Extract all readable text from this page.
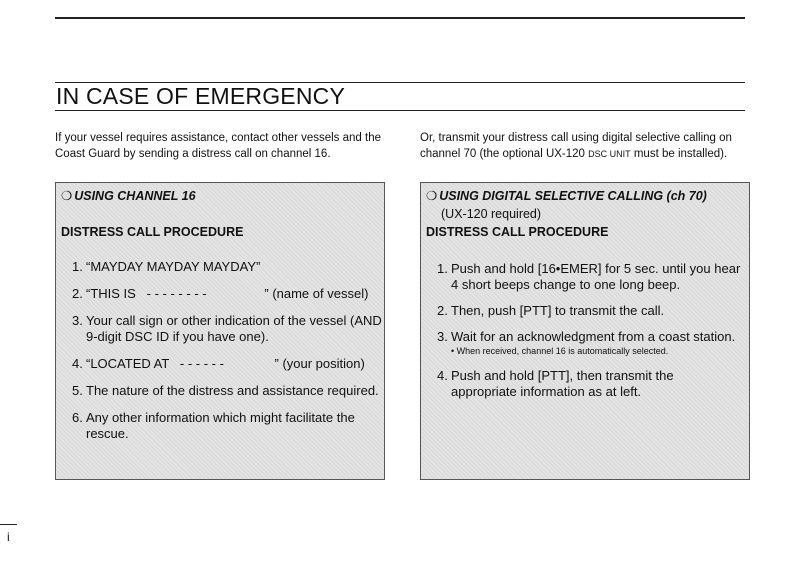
IN CASE OF EMERGENCY

If your vessel requires assistance, contact other vessels and the Coast Guard by sending a distress call on channel 16.

Or, transmit your distress call using digital selective calling on channel 70 (the optional UX-120 DSC UNIT must be installed).

❍ USING CHANNEL 16
DISTRESS CALL PROCEDURE
1. “MAYDAY MAYDAY MAYDAY”
2. “THIS IS   - - - - - - - -                ” (name of vessel)
3. Your call sign or other indication of the vessel (AND 9-digit DSC ID if you have one).
4. “LOCATED AT   - - - - - -              ” (your position)
5. The nature of the distress and assistance required.
6. Any other information which might facilitate the rescue.
❍ USING DIGITAL SELECTIVE CALLING (ch 70)
(UX-120 required)
DISTRESS CALL PROCEDURE
1. Push and hold [16•EMER] for 5 sec. until you hear 4 short beeps change to one long beep.
2. Then, push [PTT] to transmit the call.
3. Wait for an acknowledgment from a coast station.
• When received, channel 16 is automatically selected.
4. Push and hold [PTT], then transmit the appropriate information as at left.
i
